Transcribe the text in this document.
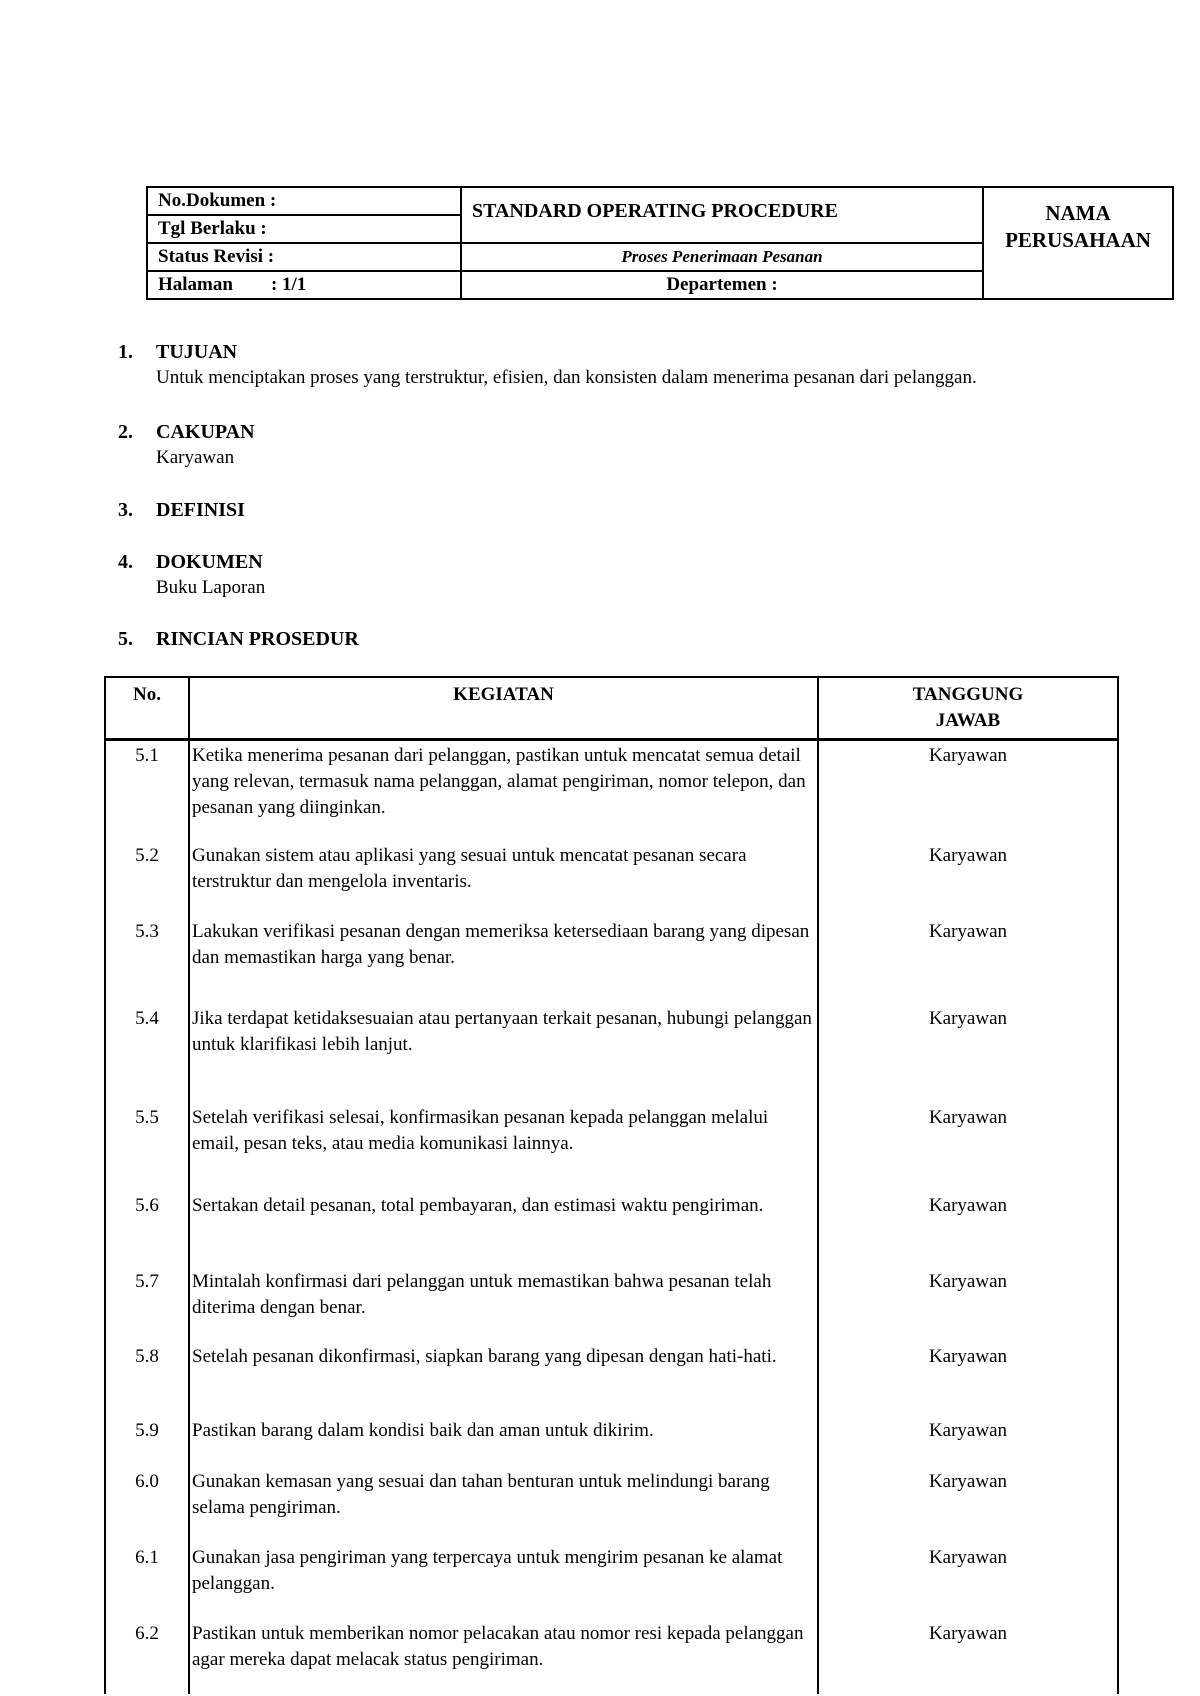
No.Dokumen :	STANDARD OPERATING PROCEDURE	NAMA
PERUSAHAAN

Tgl Berlaku :		
Status Revisi :	Proses Penerimaan Pesanan	
Halaman : 1/1	Departemen :	
1. TUJUAN
Untuk menciptakan proses yang terstruktur, efisien, dan konsisten dalam menerima pesanan dari pelanggan.
2. CAKUPAN
Karyawan
3. DEFINISI
4. DOKUMEN
Buku Laporan
5. RINCIAN PROSEDUR
No.	KEGIATAN	TANGGUNG
JAWAB

5.1	Ketika menerima pesanan dari pelanggan, pastikan untuk mencatat semua detail yang relevan, termasuk nama pelanggan, alamat pengiriman, nomor telepon, dan pesanan yang diinginkan.	Karyawan
5.2	Gunakan sistem atau aplikasi yang sesuai untuk mencatat pesanan secara terstruktur dan mengelola inventaris.	Karyawan
5.3	Lakukan verifikasi pesanan dengan memeriksa ketersediaan barang yang dipesan dan memastikan harga yang benar.	Karyawan
5.4	Jika terdapat ketidaksesuaian atau pertanyaan terkait pesanan, hubungi pelanggan untuk klarifikasi lebih lanjut.	Karyawan
5.5	Setelah verifikasi selesai, konfirmasikan pesanan kepada pelanggan melalui email, pesan teks, atau media komunikasi lainnya.	Karyawan
5.6	Sertakan detail pesanan, total pembayaran, dan estimasi waktu pengiriman.	Karyawan
5.7	Mintalah konfirmasi dari pelanggan untuk memastikan bahwa pesanan telah diterima dengan benar.	Karyawan
5.8	Setelah pesanan dikonfirmasi, siapkan barang yang dipesan dengan hati-hati.	Karyawan
5.9	Pastikan barang dalam kondisi baik dan aman untuk dikirim.	Karyawan
6.0	Gunakan kemasan yang sesuai dan tahan benturan untuk melindungi barang selama pengiriman.	Karyawan
6.1	Gunakan jasa pengiriman yang terpercaya untuk mengirim pesanan ke alamat pelanggan.	Karyawan
6.2	Pastikan untuk memberikan nomor pelacakan atau nomor resi kepada pelanggan agar mereka dapat melacak status pengiriman.	Karyawan
